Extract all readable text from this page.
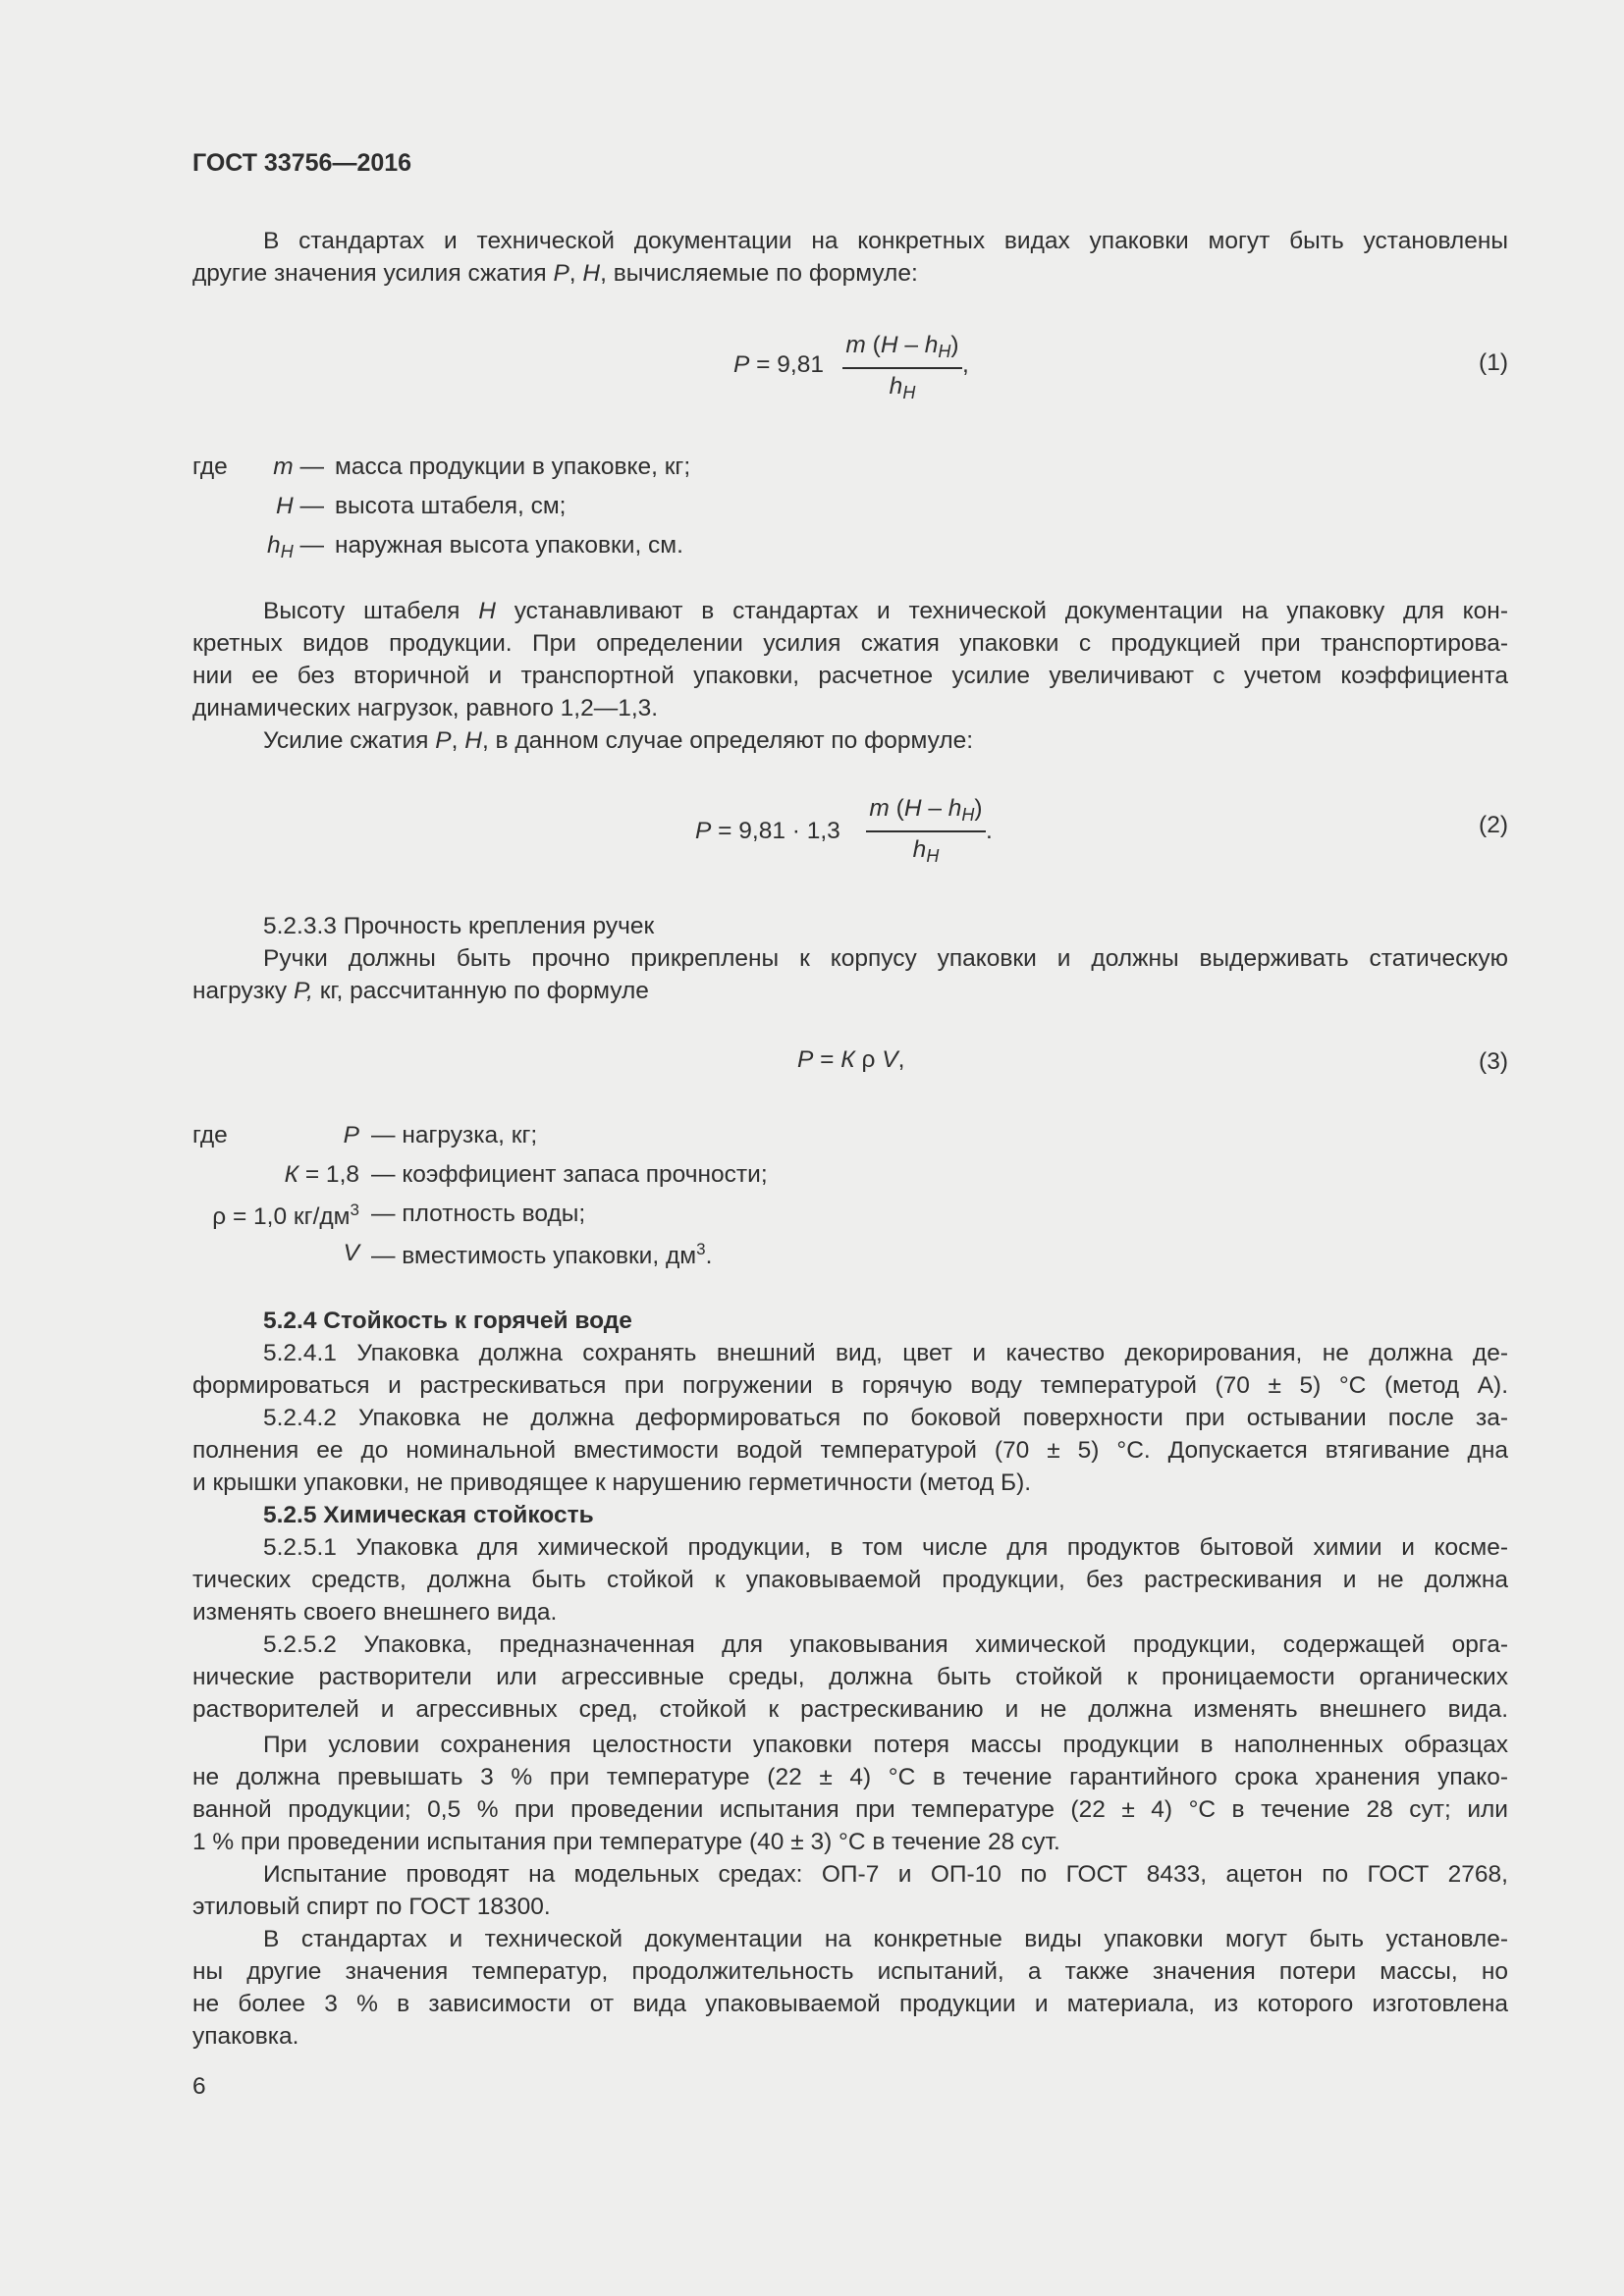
ГОСТ 33756—2016
В стандартах и технической документации на конкретных видах упаковки могут быть установлены
другие значения усилия сжатия P, H, вычисляемые по формуле:
P = 9,81
m $(H - h_H)$
$h_H$
,	(1)
где	m — масса продукции в упаковке, кг;
H — высота штабеля, см;
$h_H$ — наружная высота упаковки, см.
Высоту штабеля H устанавливают в стандартах и технической документации на упаковку для кон-
кретных видов продукции. При определении усилия сжатия упаковки с продукцией при транспортирова-
нии ее без вторичной и транспортной упаковки, расчетное усилие увеличивают с учетом коэффициента
динамических нагрузок, равного 1,2—1,3.
Усилие сжатия P, H, в данном случае определяют по формуле:
P = 9,81 · 1,3
m $(H - h_H)$
$h_H$
.	(2)
5.2.3.3 Прочность крепления ручек
Ручки должны быть прочно прикреплены к корпусу упаковки и должны выдерживать статическую
нагрузку P, кг, рассчитанную по формуле
P = К ρ V,	(3)
где	P — нагрузка, кг;
К = 1,8 — коэффициент запаса прочности;
ρ = 1,0 $кг/дм^3$ — плотность воды;
V — вместимость упаковки, $дм^3$.
5.2.4 Стойкость к горячей воде
5.2.4.1 Упаковка должна сохранять внешний вид, цвет и качество декорирования, не должна де-
формироваться и растрескиваться при погружении в горячую воду температурой (70 ± 5) °С (метод А).
5.2.4.2 Упаковка не должна деформироваться по боковой поверхности при остывании после за-
полнения ее до номинальной вместимости водой температурой (70 ± 5) °С. Допускается втягивание дна
и крышки упаковки, не приводящее к нарушению герметичности (метод Б).
5.2.5 Химическая стойкость
5.2.5.1 Упаковка для химической продукции, в том числе для продуктов бытовой химии и косме-
тических средств, должна быть стойкой к упаковываемой продукции, без растрескивания и не должна
изменять своего внешнего вида.
5.2.5.2 Упаковка, предназначенная для упаковывания химической продукции, содержащей орга-
нические растворители или агрессивные среды, должна быть стойкой к проницаемости органических
растворителей и агрессивных сред, стойкой к растрескиванию и не должна изменять внешнего вида.
При условии сохранения целостности упаковки потеря массы продукции в наполненных образцах
не должна превышать 3 % при температуре (22 ± 4) °С в течение гарантийного срока хранения упако-
ванной продукции; 0,5 % при проведении испытания при температуре (22 ± 4) °С в течение 28 сут; или
1 % при проведении испытания при температуре (40 ± 3) °С в течение 28 сут.
Испытание проводят на модельных средах: ОП-7 и ОП-10 по ГОСТ 8433, ацетон по ГОСТ 2768,
этиловый спирт по ГОСТ 18300.
В стандартах и технической документации на конкретные виды упаковки могут быть установле-
ны другие значения температур, продолжительность испытаний, а также значения потери массы, но
не более 3 % в зависимости от вида упаковываемой продукции и материала, из которого изготовлена
упаковка.
6
